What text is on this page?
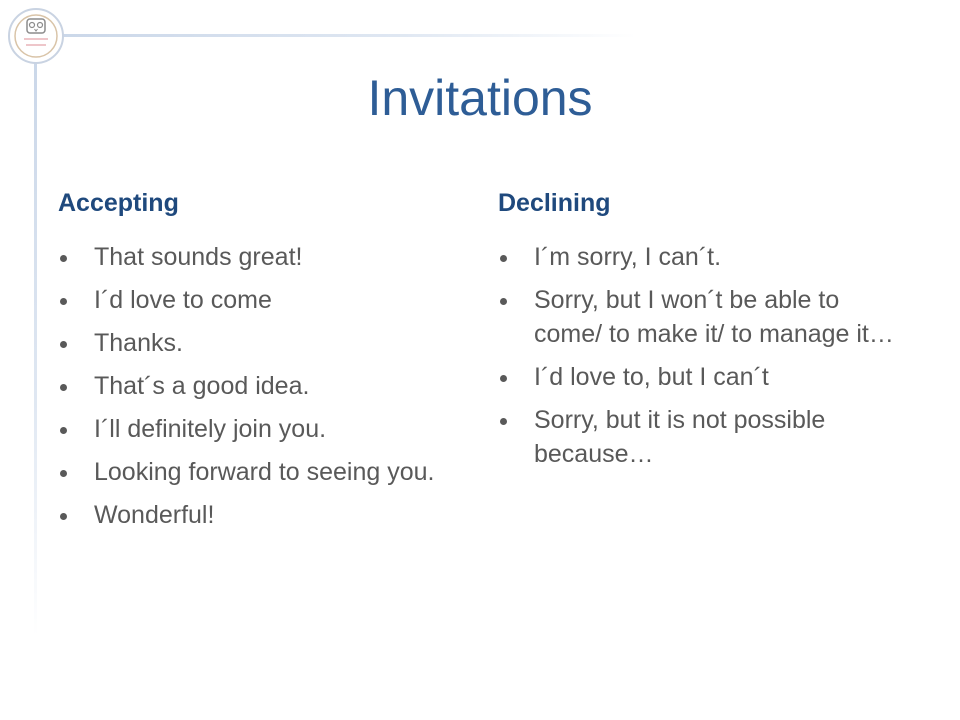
Invitations
Accepting
That sounds great!
I´d love to come
Thanks.
That´s a good idea.
I´ll definitely join you.
Looking forward to seeing you.
Wonderful!
Declining
I´m sorry, I can´t.
Sorry, but I won´t be able to come/ to make it/ to manage it…
I´d love to, but I can´t
Sorry, but it is not possible because…
